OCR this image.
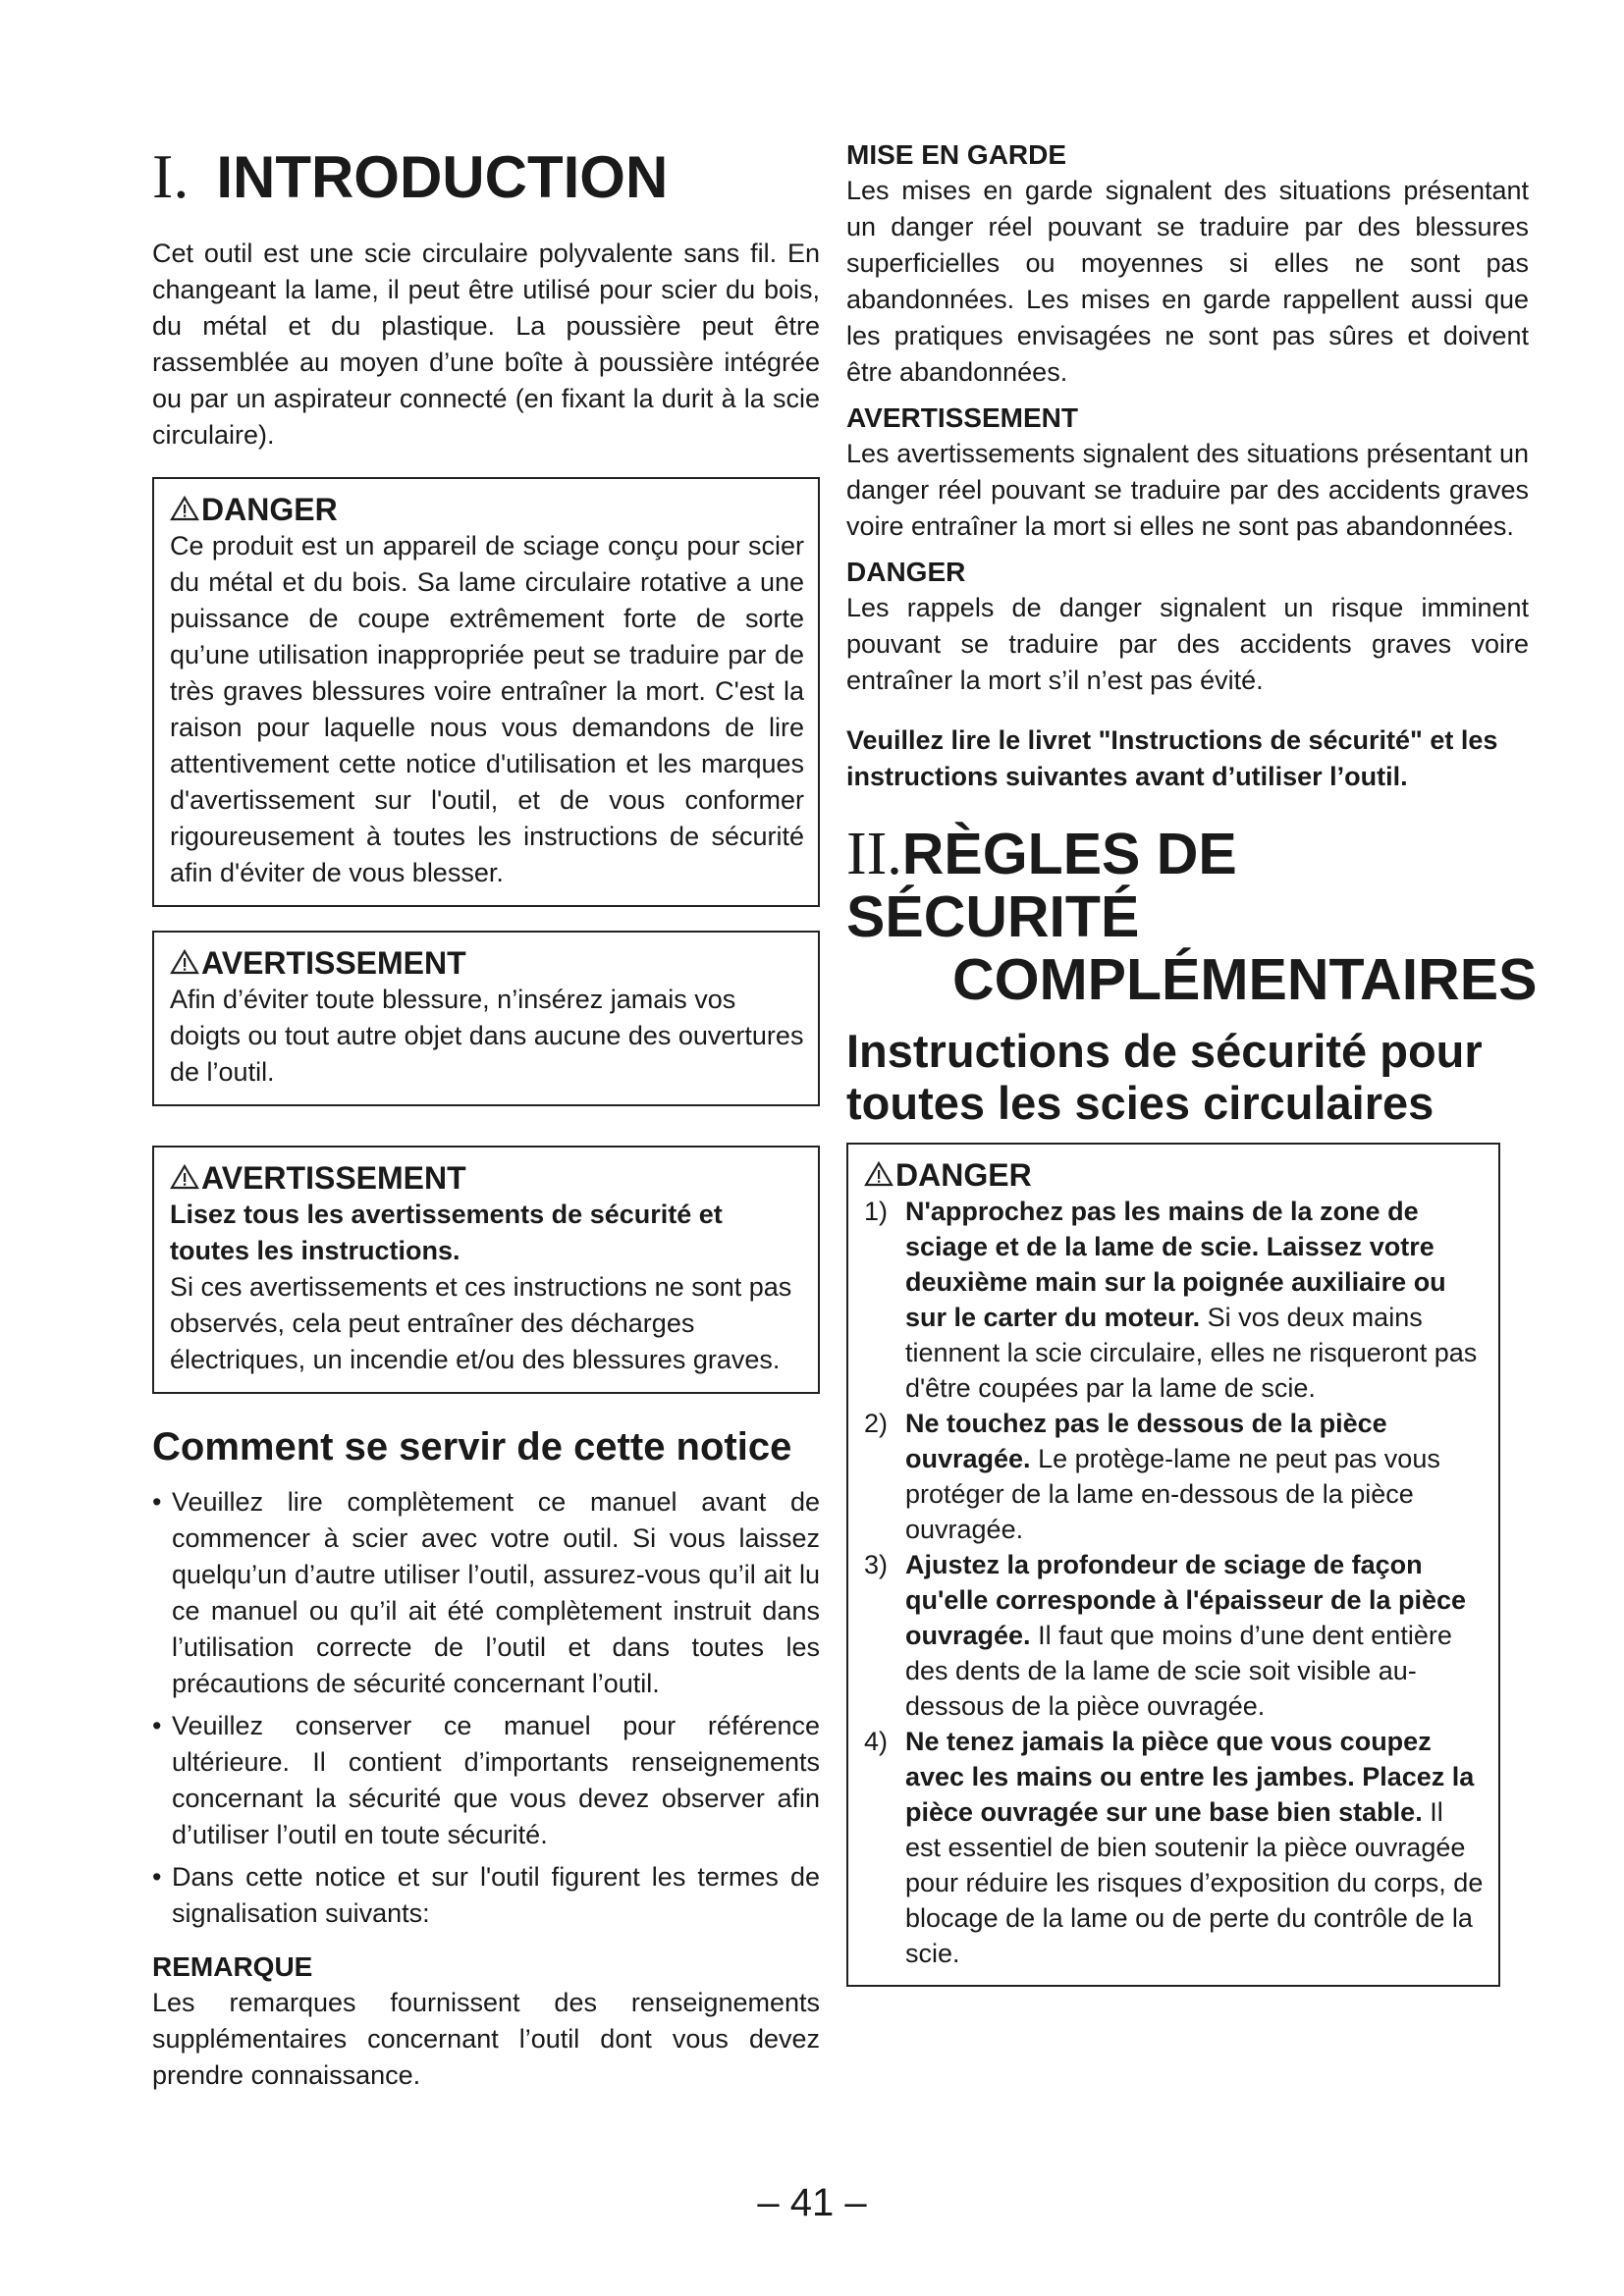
I. INTRODUCTION

Cet outil est une scie circulaire polyvalente sans fil. En changeant la lame, il peut être utilisé pour scier du bois, du métal et du plastique. La poussière peut être rassemblée au moyen d’une boîte à poussière intégrée ou par un aspirateur connecté (en fixant la durit à la scie circulaire).

DANGER

Ce produit est un appareil de sciage conçu pour scier du métal et du bois. Sa lame circulaire rotative a une puissance de coupe extrêmement forte de sorte qu’une utilisation inappropriée peut se traduire par de très graves blessures voire entraîner la mort. C'est la raison pour laquelle nous vous demandons de lire attentivement cette notice d'utilisation et les marques d'avertissement sur l'outil, et de vous conformer rigoureusement à toutes les instructions de sécurité afin d'éviter de vous blesser.

AVERTISSEMENT

Afin d’éviter toute blessure, n’insérez jamais vos doigts ou tout autre objet dans aucune des ouvertures de l’outil.

AVERTISSEMENT

Lisez tous les avertissements de sécurité et toutes les instructions.

Si ces avertissements et ces instructions ne sont pas observés, cela peut entraîner des décharges électriques, un incendie et/ou des blessures graves.

Comment se servir de cette notice
• Veuillez lire complètement ce manuel avant de commencer à scier avec votre outil. Si vous laissez quelqu’un d’autre utiliser l’outil, assurez-vous qu’il ait lu ce manuel ou qu’il ait été complètement instruit dans l’utilisation correcte de l’outil et dans toutes les précautions de sécurité concernant l’outil.
• Veuillez conserver ce manuel pour référence ultérieure. Il contient d’importants renseignements concernant la sécurité que vous devez observer afin d’utiliser l’outil en toute sécurité.
• Dans cette notice et sur l'outil figurent les termes de signalisation suivants:
REMARQUE

Les remarques fournissent des renseignements supplémentaires concernant l’outil dont vous devez prendre connaissance.

MISE EN GARDE

Les mises en garde signalent des situations présentant un danger réel pouvant se traduire par des blessures superficielles ou moyennes si elles ne sont pas abandonnées. Les mises en garde rappellent aussi que les pratiques envisagées ne sont pas sûres et doivent être abandonnées.

AVERTISSEMENT

Les avertissements signalent des situations présentant un danger réel pouvant se traduire par des accidents graves voire entraîner la mort si elles ne sont pas abandonnées.

DANGER

Les rappels de danger signalent un risque imminent pouvant se traduire par des accidents graves voire entraîner la mort s’il n’est pas évité.

Veuillez lire le livret "Instructions de sécurité" et les instructions suivantes avant d’utiliser l’outil.

II.RÈGLES DE SÉCURITÉ
COMPLÉMENTAIRES
Instructions de sécurité pour toutes les scies circulaires
DANGER
1) N'approchez pas les mains de la zone de sciage et de la lame de scie. Laissez votre deuxième main sur la poignée auxiliaire ou sur le carter du moteur. Si vos deux mains tiennent la scie circulaire, elles ne risqueront pas d'être coupées par la lame de scie.
2) Ne touchez pas le dessous de la pièce ouvragée. Le protège-lame ne peut pas vous protéger de la lame en-dessous de la pièce ouvragée.
3) Ajustez la profondeur de sciage de façon qu'elle corresponde à l'épaisseur de la pièce ouvragée. Il faut que moins d’une dent entière des dents de la lame de scie soit visible au-dessous de la pièce ouvragée.
4) Ne tenez jamais la pièce que vous coupez avec les mains ou entre les jambes. Placez la pièce ouvragée sur une base bien stable. Il est essentiel de bien soutenir la pièce ouvragée pour réduire les risques d’exposition du corps, de blocage de la lame ou de perte du contrôle de la scie.
– 41 –
